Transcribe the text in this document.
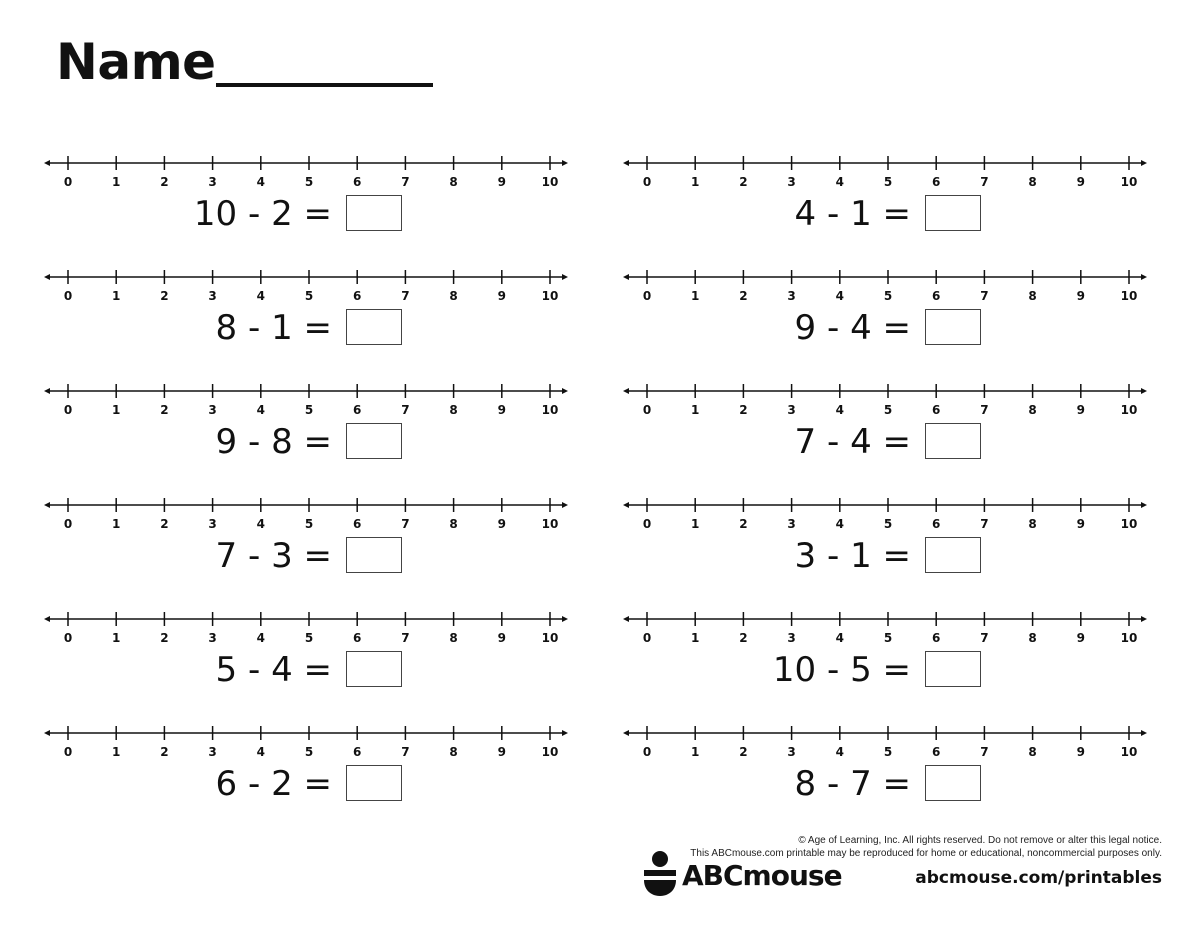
Name
0	1	2	3	4	5	6	7	8	9	10
10 - 2 =
0	1	2	3	4	5	6	7	8	9	10
4 - 1 =
0	1	2	3	4	5	6	7	8	9	10
8 - 1 =
0	1	2	3	4	5	6	7	8	9	10
9 - 4 =
0	1	2	3	4	5	6	7	8	9	10
9 - 8 =
0	1	2	3	4	5	6	7	8	9	10
7 - 4 =
0	1	2	3	4	5	6	7	8	9	10
7 - 3 =
0	1	2	3	4	5	6	7	8	9	10
3 - 1 =
0	1	2	3	4	5	6	7	8	9	10
5 - 4 =
0	1	2	3	4	5	6	7	8	9	10
10 - 5 =
0	1	2	3	4	5	6	7	8	9	10
6 - 2 =
0	1	2	3	4	5	6	7	8	9	10
8 - 7 =
© Age of Learning, Inc. All rights reserved. Do not remove or alter this legal notice.
This ABCmouse.com printable may be reproduced for home or educational, noncommercial purposes only.
ABCmouse	abcmouse.com/printables
